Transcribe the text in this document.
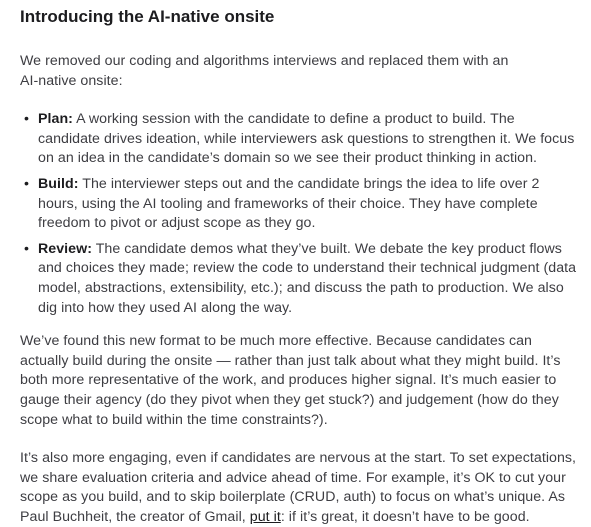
Introducing the AI-native onsite

We removed our coding and algorithms interviews and replaced them with an AI-native onsite:

• Plan: A working session with the candidate to define a product to build. The candidate drives ideation, while interviewers ask questions to strengthen it. We focus on an idea in the candidate’s domain so we see their product thinking in action.
• Build: The interviewer steps out and the candidate brings the idea to life over 2 hours, using the AI tooling and frameworks of their choice. They have complete freedom to pivot or adjust scope as they go.
• Review: The candidate demos what they’ve built. We debate the key product flows and choices they made; review the code to understand their technical judgment (data model, abstractions, extensibility, etc.); and discuss the path to production. We also dig into how they used AI along the way.

We’ve found this new format to be much more effective. Because candidates can actually build during the onsite — rather than just talk about what they might build. It’s both more representative of the work, and produces higher signal. It’s much easier to gauge their agency (do they pivot when they get stuck?) and judgement (how do they scope what to build within the time constraints?).

It’s also more engaging, even if candidates are nervous at the start. To set expectations, we share evaluation criteria and advice ahead of time. For example, it’s OK to cut your scope as you build, and to skip boilerplate (CRUD, auth) to focus on what’s unique. As Paul Buchheit, the creator of Gmail, put it: if it’s great, it doesn’t have to be good.
